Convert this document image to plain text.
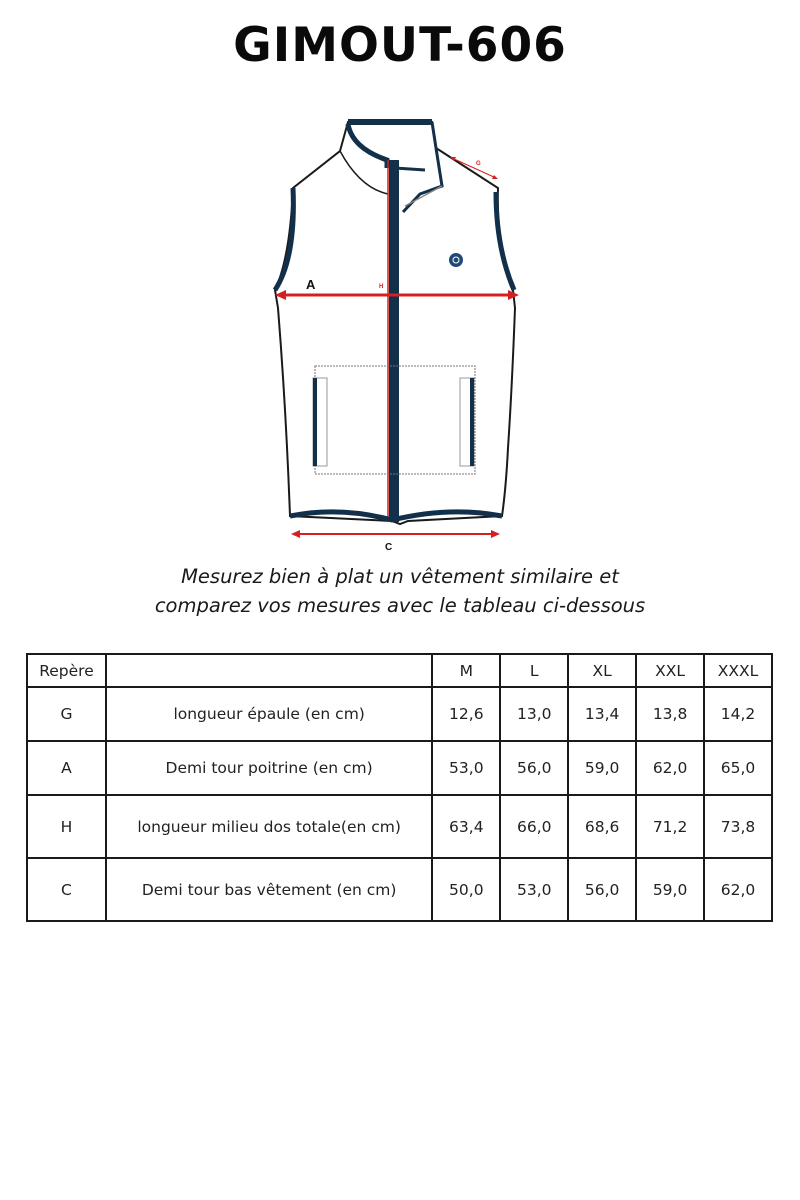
GIMOUT-606
A	H
G
C
Mesurez bien à plat un vêtement similaire et
comparez vos mesures avec le tableau ci-dessous
Repère		M	L	XL	XXL	XXXL
G	longueur épaule (en cm)	12,6	13,0	13,4	13,8	14,2
A	Demi tour poitrine (en cm)	53,0	56,0	59,0	62,0	65,0
H	longueur milieu dos totale(en cm)	63,4	66,0	68,6	71,2	73,8
C	Demi tour bas vêtement (en cm)	50,0	53,0	56,0	59,0	62,0
